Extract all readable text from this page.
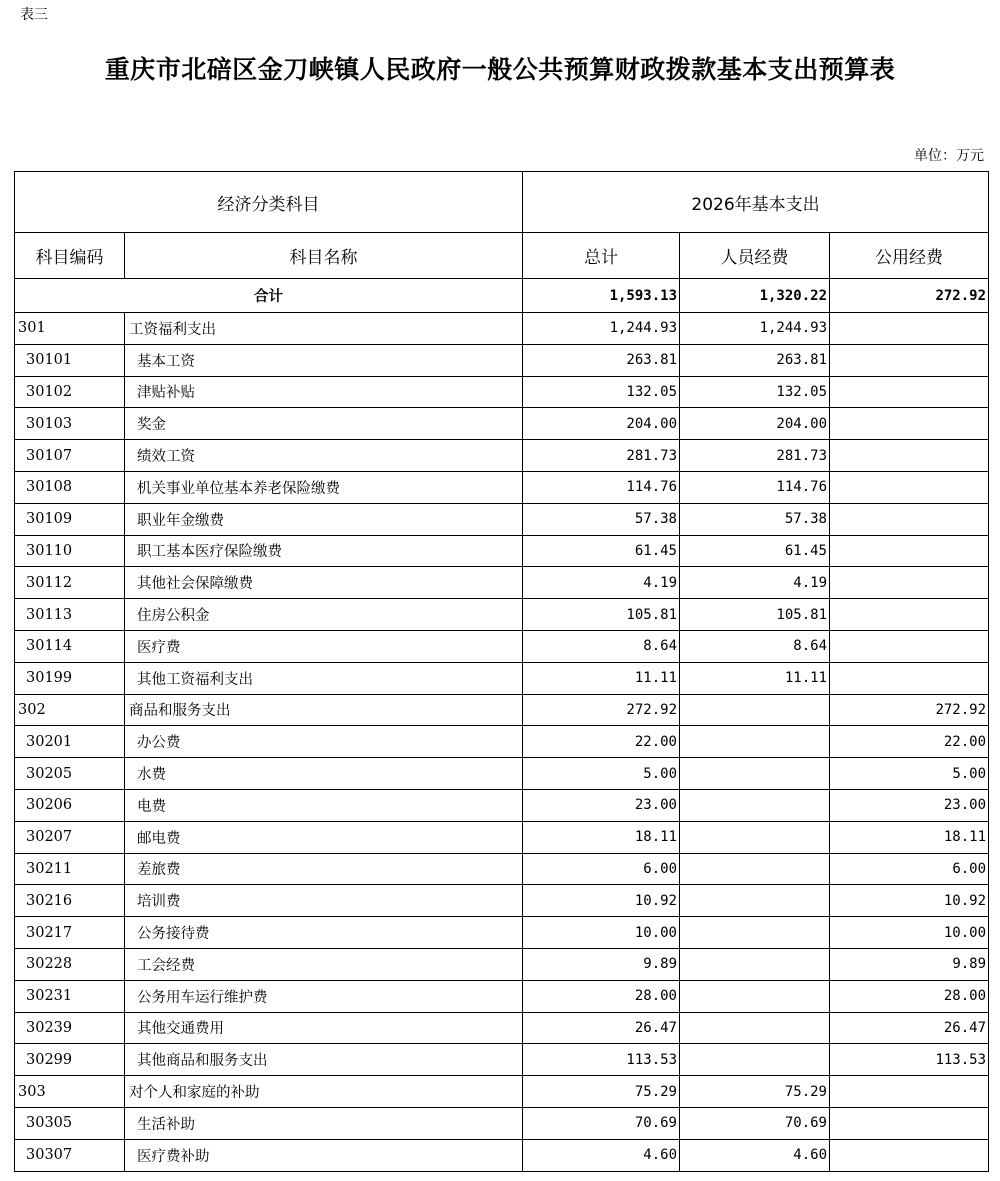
表三
重庆市北碚区金刀峡镇人民政府一般公共预算财政拨款基本支出预算表
单位：万元
经济分类科目		2026年基本支出		
科目编码	科目名称	总计	人员经费	公用经费
合计		1,593.13	1,320.22	272.92
301	工资福利支出	1,244.93	1,244.93	
30101	基本工资	263.81	263.81	
30102	津贴补贴	132.05	132.05	
30103	奖金	204.00	204.00	
30107	绩效工资	281.73	281.73	
30108	机关事业单位基本养老保险缴费	114.76	114.76	
30109	职业年金缴费	57.38	57.38	
30110	职工基本医疗保险缴费	61.45	61.45	
30112	其他社会保障缴费	4.19	4.19	
30113	住房公积金	105.81	105.81	
30114	医疗费	8.64	8.64	
30199	其他工资福利支出	11.11	11.11	
302	商品和服务支出	272.92		272.92
30201	办公费	22.00		22.00
30205	水费	5.00		5.00
30206	电费	23.00		23.00
30207	邮电费	18.11		18.11
30211	差旅费	6.00		6.00
30216	培训费	10.92		10.92
30217	公务接待费	10.00		10.00
30228	工会经费	9.89		9.89
30231	公务用车运行维护费	28.00		28.00
30239	其他交通费用	26.47		26.47
30299	其他商品和服务支出	113.53		113.53
303	对个人和家庭的补助	75.29	75.29	
30305	生活补助	70.69	70.69	
30307	医疗费补助	4.60	4.60	
